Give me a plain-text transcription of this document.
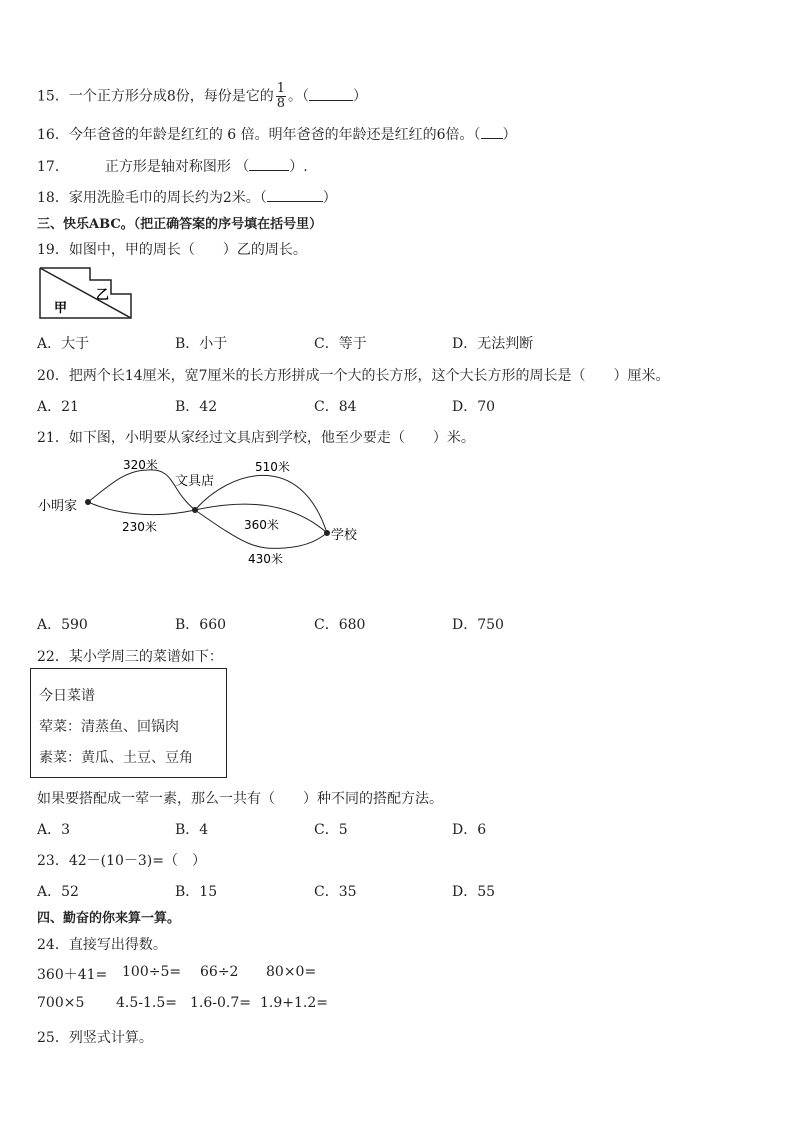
15．一个正方形分成8份，每份是它的 $\frac{1}{8}$ 。（	）
16．今年爸爸的年龄是红红的 6 倍。明年爸爸的年龄还是红红的6倍。（ ）
17．	正方形是轴对称图形 （	）.
18．家用洗脸毛巾的周长约为2米。（	）
三、快乐ABC。（把正确答案的序号填在括号里）
19．如图中，甲的周长（　　）乙的周长。
甲
乙
A．大于	B．小于	C．等于	D．无法判断
20．把两个长14厘米，宽7厘米的长方形拼成一个大的长方形，这个大长方形的周长是（　　）厘米。
A．21	B．42	C．84	D．70
21．如下图，小明要从家经过文具店到学校，他至少要走（　　）米。
小明家
文具店
学校
320米
230米
510米
360米
430米
A．590	B．660	C．680	D．750
22．某小学周三的菜谱如下：
今日菜谱
荤菜：清蒸鱼、回锅肉
素菜：黄瓜、土豆、豆角
如果要搭配成一荤一素，那么一共有（　　）种不同的搭配方法。
A．3	B．4	C．5	D．6
23．42－(10－3)=（　）
A．52	B．15	C．35	D．55
四、勤奋的你来算一算。
24．直接写出得数。
360＋41= 100÷5= 66÷2 80×0=
700×5 4.5-1.5= 1.6-0.7= 1.9+1.2=
25．列竖式计算。
